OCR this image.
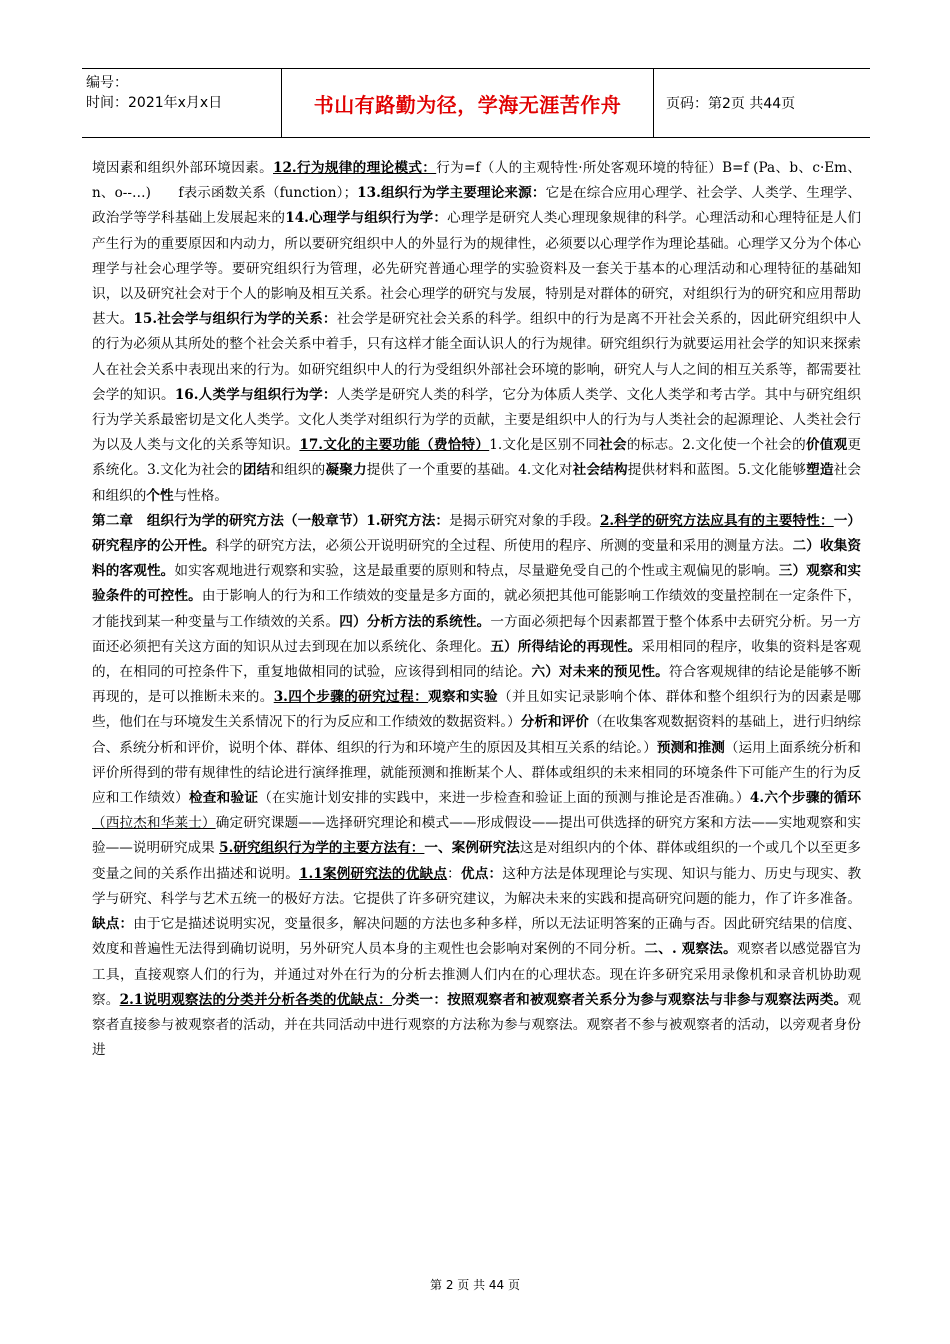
编号：
时间：2021年x月x日	书山有路勤为径，学海无涯苦作舟	页码：第2页 共44页
境因素和组织外部环境因素。12.行为规律的理论模式：行为=f（人的主观特性·所处客观环境的特征）B=f (Pa、b、c·Em、n、o--…)　　f表示函数关系（function）；13.组织行为学主要理论来源：它是在综合应用心理学、社会学、人类学、生理学、政治学等学科基础上发展起来的14.心理学与组织行为学：心理学是研究人类心理现象规律的科学。心理活动和心理特征是人们产生行为的重要原因和内动力，所以要研究组织中人的外显行为的规律性，必须要以心理学作为理论基础。心理学又分为个体心理学与社会心理学等。要研究组织行为管理，必先研究普通心理学的实验资料及一套关于基本的心理活动和心理特征的基础知识，以及研究社会对于个人的影响及相互关系。社会心理学的研究与发展，特别是对群体的研究，对组织行为的研究和应用帮助甚大。15.社会学与组织行为学的关系：社会学是研究社会关系的科学。组织中的行为是离不开社会关系的，因此研究组织中人的行为必须从其所处的整个社会关系中着手，只有这样才能全面认识人的行为规律。研究组织行为就要运用社会学的知识来探索人在社会关系中表现出来的行为。如研究组织中人的行为受组织外部社会环境的影响，研究人与人之间的相互关系等，都需要社会学的知识。16.人类学与组织行为学：人类学是研究人类的科学，它分为体质人类学、文化人类学和考古学。其中与研究组织行为学关系最密切是文化人类学。文化人类学对组织行为学的贡献，主要是组织中人的行为与人类社会的起源理论、人类社会行为以及人类与文化的关系等知识。17.文化的主要功能（费恰特）1.文化是区别不同社会的标志。2.文化使一个社会的价值观更系统化。3.文化为社会的团结和组织的凝聚力提供了一个重要的基础。4.文化对社会结构提供材料和蓝图。5.文化能够塑造社会和组织的个性与性格。
第二章　组织行为学的研究方法（一般章节）1.研究方法：是揭示研究对象的手段。2.科学的研究方法应具有的主要特性：一）研究程序的公开性。科学的研究方法，必须公开说明研究的全过程、所使用的程序、所测的变量和采用的测量方法。二）收集资料的客观性。如实客观地进行观察和实验，这是最重要的原则和特点，尽量避免受自己的个性或主观偏见的影响。三）观察和实验条件的可控性。由于影响人的行为和工作绩效的变量是多方面的，就必须把其他可能影响工作绩效的变量控制在一定条件下，才能找到某一种变量与工作绩效的关系。四）分析方法的系统性。一方面必须把每个因素都置于整个体系中去研究分析。另一方面还必须把有关这方面的知识从过去到现在加以系统化、条理化。五）所得结论的再现性。采用相同的程序，收集的资料是客观的，在相同的可控条件下，重复地做相同的试验，应该得到相同的结论。六）对未来的预见性。符合客观规律的结论是能够不断再现的，是可以推断未来的。3.四个步骤的研究过程：观察和实验（并且如实记录影响个体、群体和整个组织行为的因素是哪些，他们在与环境发生关系情况下的行为反应和工作绩效的数据资料。）分析和评价（在收集客观数据资料的基础上，进行归纳综合、系统分析和评价，说明个体、群体、组织的行为和环境产生的原因及其相互关系的结论。）预测和推测（运用上面系统分析和评价所得到的带有规律性的结论进行演绎推理，就能预测和推断某个人、群体或组织的未来相同的环境条件下可能产生的行为反应和工作绩效）检查和验证（在实施计划安排的实践中，来进一步检查和验证上面的预测与推论是否准确。）4.六个步骤的循环（西拉杰和华莱士）确定研究课题——选择研究理论和模式——形成假设——提出可供选择的研究方案和方法——实地观察和实验——说明研究成果 5.研究组织行为学的主要方法有：一、案例研究法这是对组织内的个体、群体或组织的一个或几个以至更多变量之间的关系作出描述和说明。1.1案例研究法的优缺点：优点：这种方法是体现理论与实现、知识与能力、历史与现实、教学与研究、科学与艺术五统一的极好方法。它提供了许多研究建议，为解决未来的实践和提高研究问题的能力，作了许多准备。缺点：由于它是描述说明实况，变量很多，解决问题的方法也多种多样，所以无法证明答案的正确与否。因此研究结果的信度、效度和普遍性无法得到确切说明，另外研究人员本身的主观性也会影响对案例的不同分析。二、. 观察法。观察者以感觉器官为工具，直接观察人们的行为，并通过对外在行为的分析去推测人们内在的心理状态。现在许多研究采用录像机和录音机协助观察。2.1说明观察法的分类并分析各类的优缺点：分类一：按照观察者和被观察者关系分为参与观察法与非参与观察法两类。观察者直接参与被观察者的活动，并在共同活动中进行观察的方法称为参与观察法。观察者不参与被观察者的活动，以旁观者身份进
第 2 页 共 44 页
